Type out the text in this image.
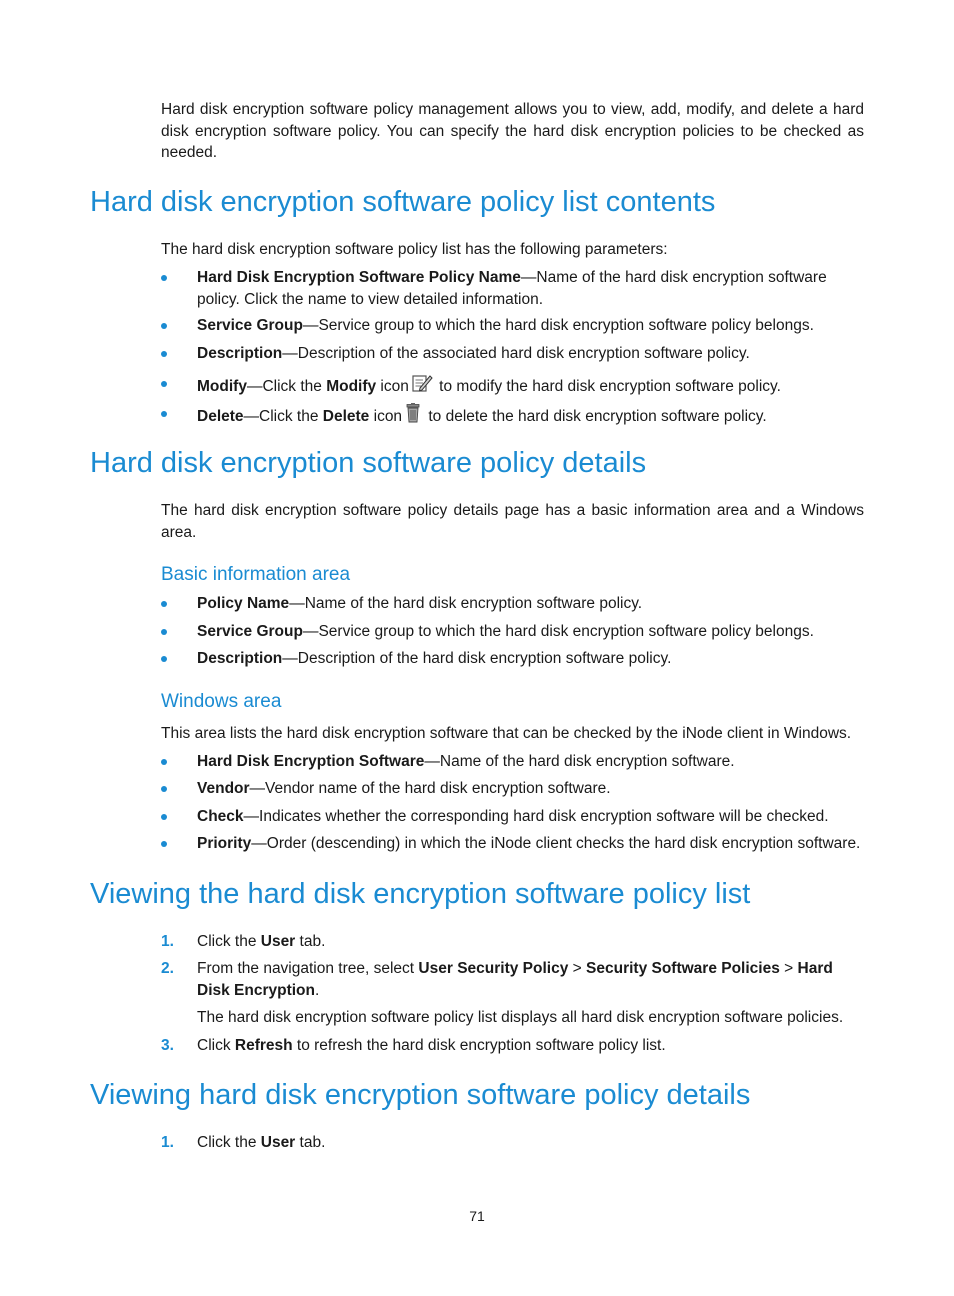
Hard disk encryption software policy management allows you to view, add, modify, and delete a hard disk encryption software policy. You can specify the hard disk encryption policies to be checked as needed.

Hard disk encryption software policy list contents

The hard disk encryption software policy list has the following parameters:

Hard Disk Encryption Software Policy Name—Name of the hard disk encryption software policy. Click the name to view detailed information.
Service Group—Service group to which the hard disk encryption software policy belongs.
Description—Description of the associated hard disk encryption software policy.
Modify—Click the Modify icon to modify the hard disk encryption software policy.
Delete—Click the Delete icon to delete the hard disk encryption software policy.
Hard disk encryption software policy details

The hard disk encryption software policy details page has a basic information area and a Windows area.

Basic information area
Policy Name—Name of the hard disk encryption software policy.
Service Group—Service group to which the hard disk encryption software policy belongs.
Description—Description of the hard disk encryption software policy.
Windows area

This area lists the hard disk encryption software that can be checked by the iNode client in Windows.

Hard Disk Encryption Software—Name of the hard disk encryption software.
Vendor—Vendor name of the hard disk encryption software.
Check—Indicates whether the corresponding hard disk encryption software will be checked.
Priority—Order (descending) in which the iNode client checks the hard disk encryption software.
Viewing the hard disk encryption software policy list
1. Click the User tab.
2. From the navigation tree, select User Security Policy > Security Software Policies > Hard Disk Encryption.
The hard disk encryption software policy list displays all hard disk encryption software policies.
3. Click Refresh to refresh the hard disk encryption software policy list.
Viewing hard disk encryption software policy details
1. Click the User tab.
71
